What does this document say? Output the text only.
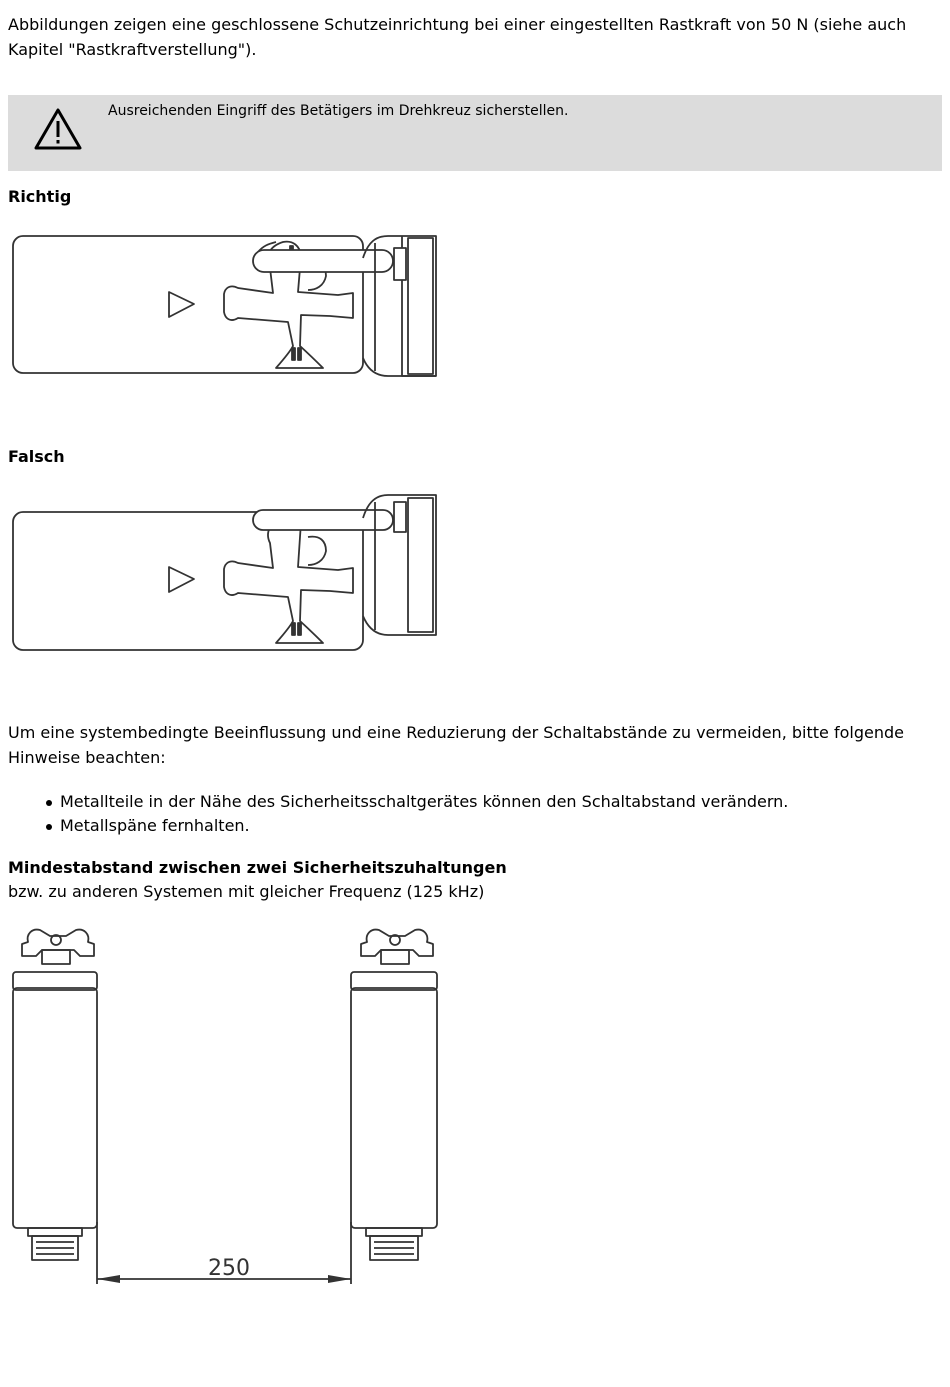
Abbildungen zeigen eine geschlossene Schutzeinrichtung bei einer eingestellten Rastkraft von 50 N (siehe auch Kapitel "Rastkraftverstellung").

Ausreichenden Eingriff des Betätigers im Drehkreuz sicherstellen.
Richtig
Falsch

Um eine systembedingte Beeinflussung und eine Reduzierung der Schaltabstände zu vermeiden, bitte folgende Hinweise beachten:

Metallteile in der Nähe des Sicherheitsschaltgerätes können den Schaltabstand verändern.
Metallspäne fernhalten.
Mindestabstand zwischen zwei Sicherheitszuhaltungen
bzw. zu anderen Systemen mit gleicher Frequenz (125 kHz)
250
